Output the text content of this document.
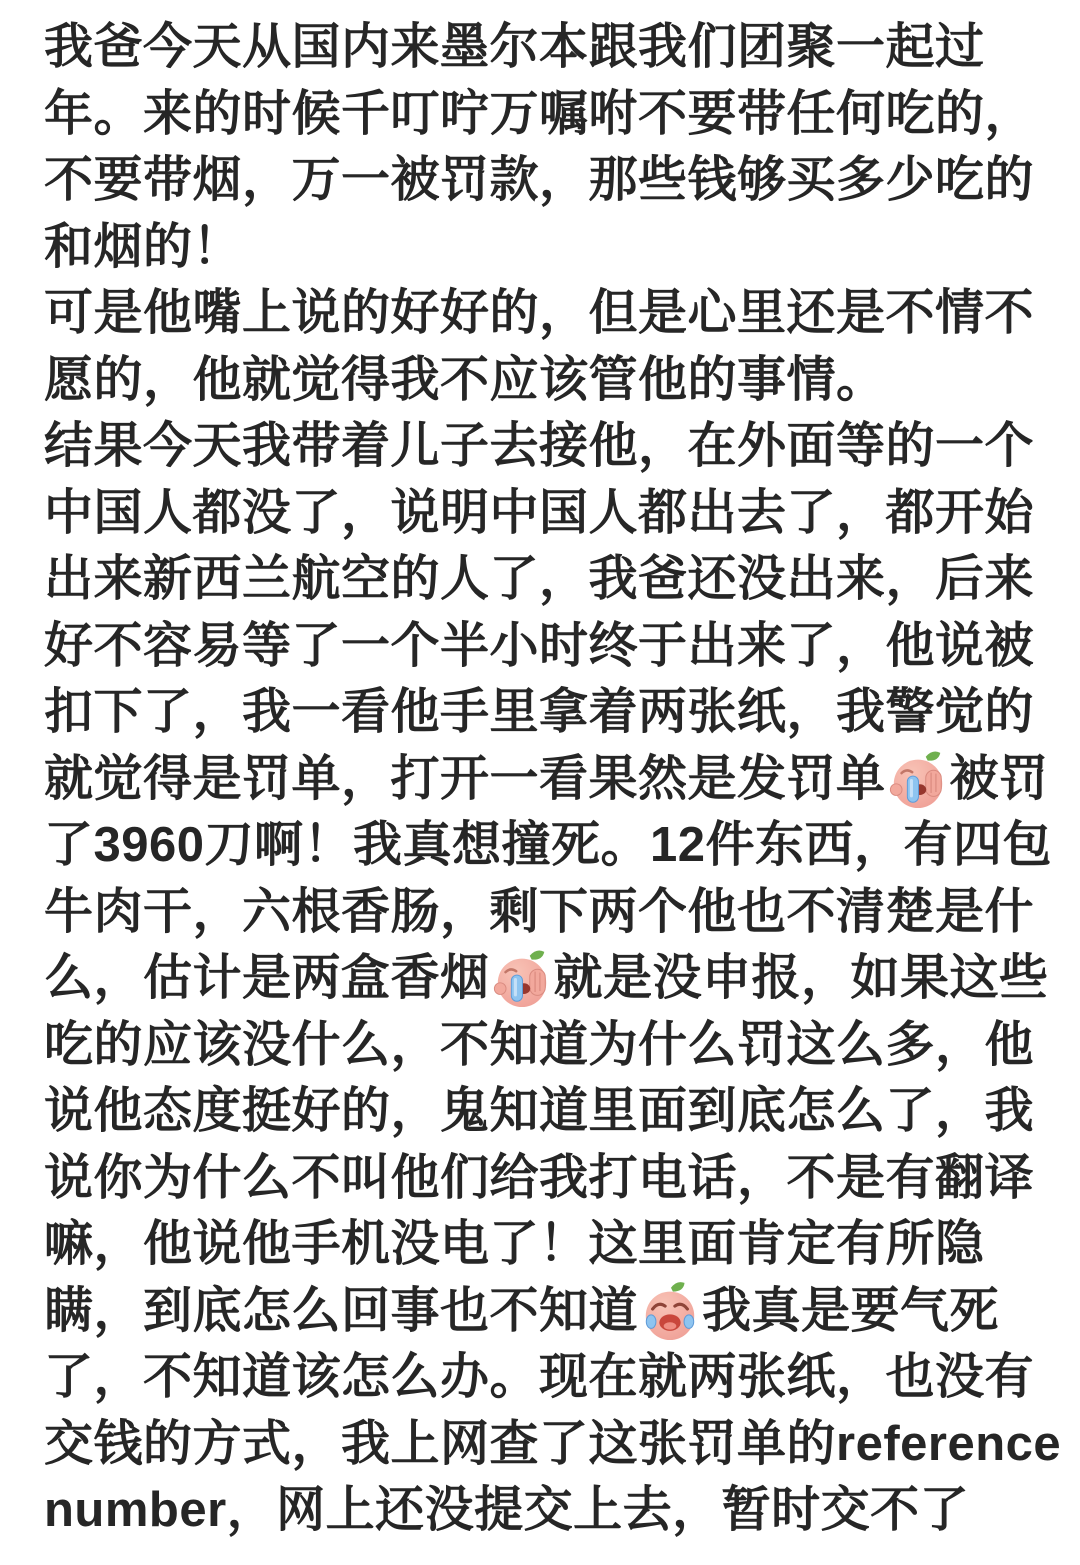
我爸今天从国内来墨尔本跟我们团聚一起过
年。来的时候千叮咛万嘱咐不要带任何吃的，
不要带烟，万一被罚款，那些钱够买多少吃的
和烟的！
可是他嘴上说的好好的，但是心里还是不情不
愿的，他就觉得我不应该管他的事情。
结果今天我带着儿子去接他，在外面等的一个
中国人都没了，说明中国人都出去了，都开始
出来新西兰航空的人了，我爸还没出来，后来
好不容易等了一个半小时终于出来了，他说被
扣下了，我一看他手里拿着两张纸，我警觉的
就觉得是罚单，打开一看果然是发罚单 被罚
了3960刀啊！我真想撞死。12件东西，有四包
牛肉干，六根香肠，剩下两个他也不清楚是什
么，估计是两盒香烟 就是没申报，如果这些
吃的应该没什么，不知道为什么罚这么多，他
说他态度挺好的，鬼知道里面到底怎么了，我
说你为什么不叫他们给我打电话，不是有翻译
嘛，他说他手机没电了！这里面肯定有所隐
瞒，到底怎么回事也不知道 我真是要气死
了，不知道该怎么办。现在就两张纸，也没有
交钱的方式，我上网查了这张罚单的reference
number，网上还没提交上去，暂时交不了
